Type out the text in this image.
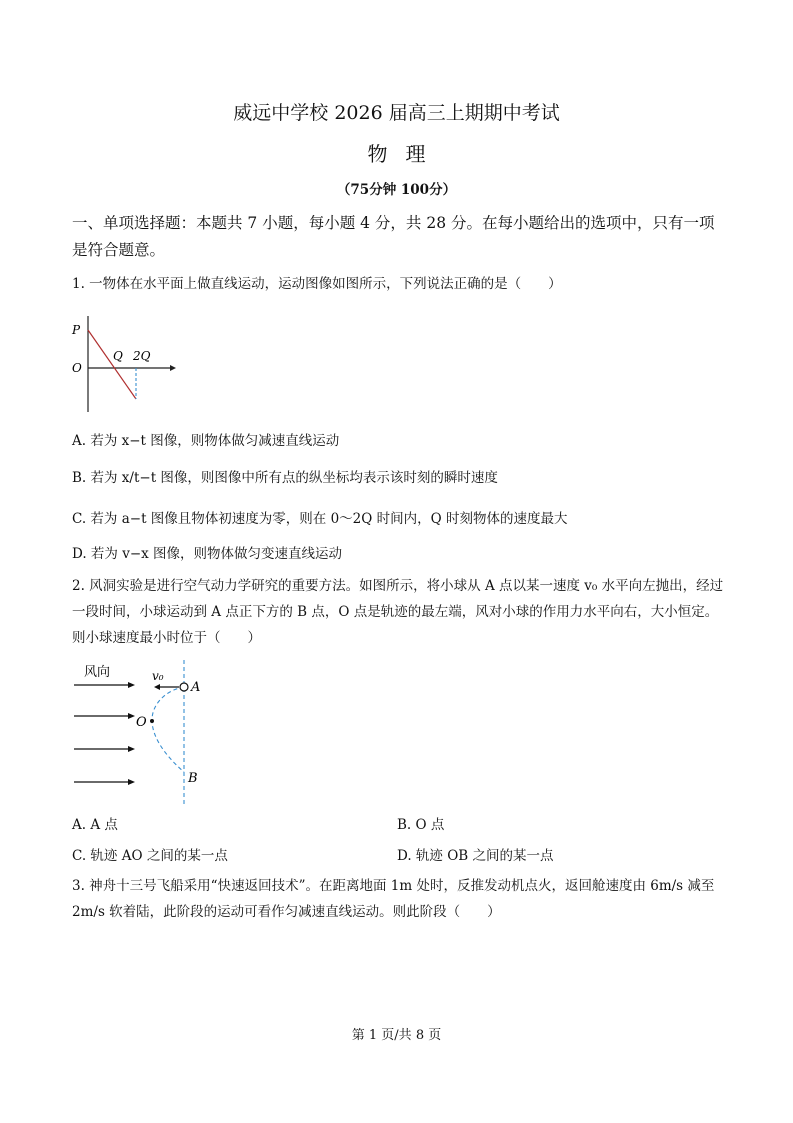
威远中学校 2026 届高三上期期中考试
物理
（75分钟 100分）
一、单项选择题：本题共 7 小题，每小题 4 分，共 28 分。在每小题给出的选项中，只有一项是符合题意。
1. 一物体在水平面上做直线运动，运动图像如图所示，下列说法正确的是（　　）
P
O
Q 2Q
A. 若为 x−t 图像，则物体做匀减速直线运动
B. 若为 x/t−t 图像，则图像中所有点的纵坐标均表示该时刻的瞬时速度
C. 若为 a−t 图像且物体初速度为零，则在 0～2Q 时间内，Q 时刻物体的速度最大
D. 若为 v−x 图像，则物体做匀变速直线运动
2. 风洞实验是进行空气动力学研究的重要方法。如图所示，将小球从 A 点以某一速度 v₀ 水平向左抛出，经过一段时间，小球运动到 A 点正下方的 B 点，O 点是轨迹的最左端，风对小球的作用力水平向右，大小恒定。则小球速度最小时位于（　　）
风向	v₀
A
O
B
A. A 点	B. O 点
C. 轨迹 AO 之间的某一点	D. 轨迹 OB 之间的某一点
3. 神舟十三号飞船采用“快速返回技术”。在距离地面 1m 处时，反推发动机点火，返回舱速度由 6m/s 减至 2m/s 软着陆，此阶段的运动可看作匀减速直线运动。则此阶段（　　）
第 1 页/共 8 页
